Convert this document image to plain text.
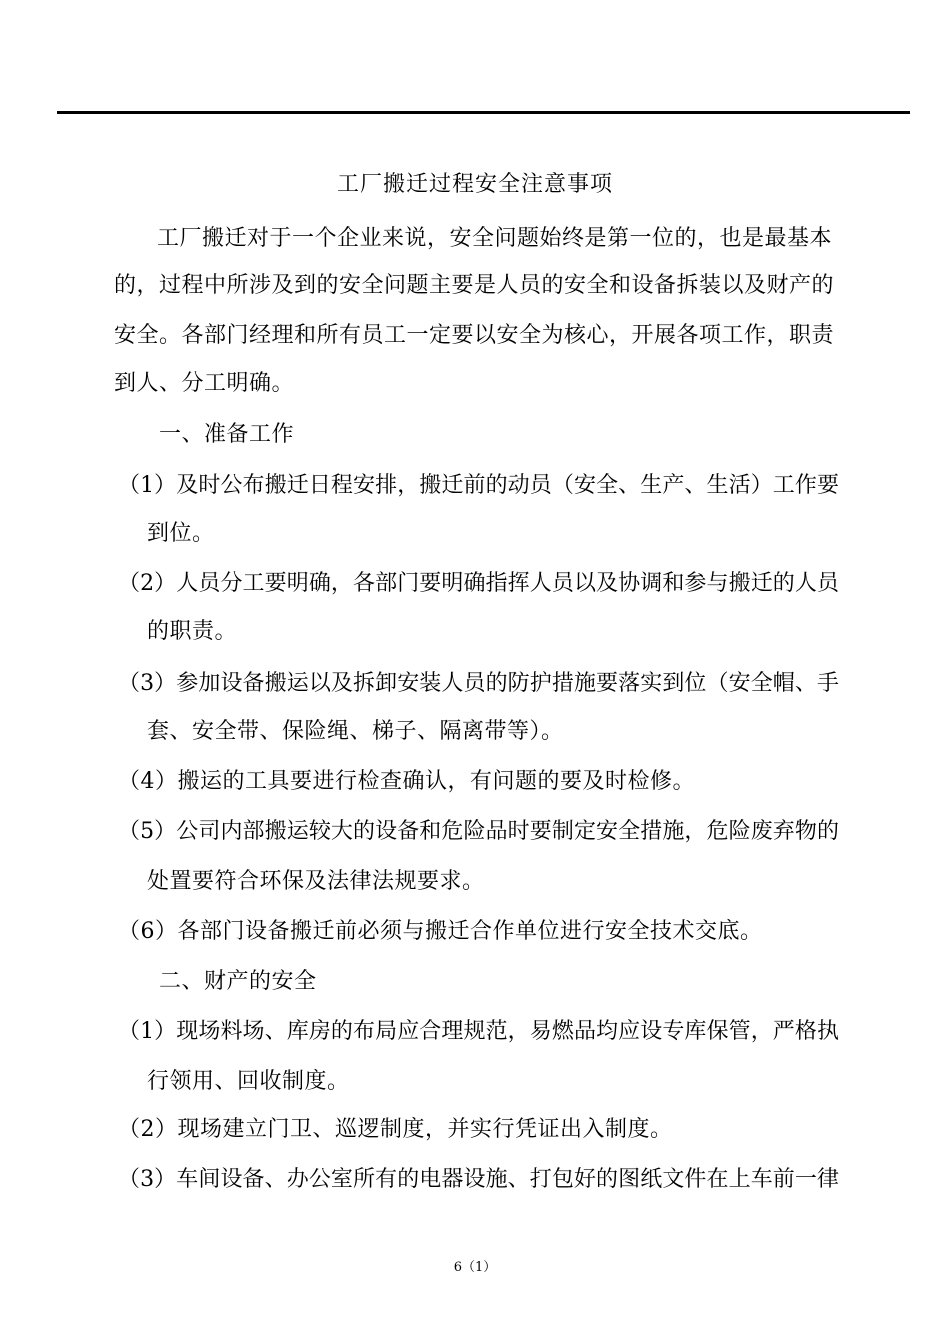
工厂搬迁过程安全注意事项
工厂搬迁对于一个企业来说，安全问题始终是第一位的，也是最基本
的，过程中所涉及到的安全问题主要是人员的安全和设备拆装以及财产的
安全。各部门经理和所有员工一定要以安全为核心，开展各项工作，职责
到人、分工明确。
一、准备工作
（1）及时公布搬迁日程安排，搬迁前的动员（安全、生产、生活）工作要
到位。
（2）人员分工要明确，各部门要明确指挥人员以及协调和参与搬迁的人员
的职责。
（3）参加设备搬运以及拆卸安装人员的防护措施要落实到位（安全帽、手
套、安全带、保险绳、梯子、隔离带等）。
（4）搬运的工具要进行检查确认，有问题的要及时检修。
（5）公司内部搬运较大的设备和危险品时要制定安全措施，危险废弃物的
处置要符合环保及法律法规要求。
（6）各部门设备搬迁前必须与搬迁合作单位进行安全技术交底。
二、财产的安全
（1）现场料场、库房的布局应合理规范，易燃品均应设专库保管，严格执
行领用、回收制度。
（2）现场建立门卫、巡逻制度，并实行凭证出入制度。
（3）车间设备、办公室所有的电器设施、打包好的图纸文件在上车前一律
6（1）
